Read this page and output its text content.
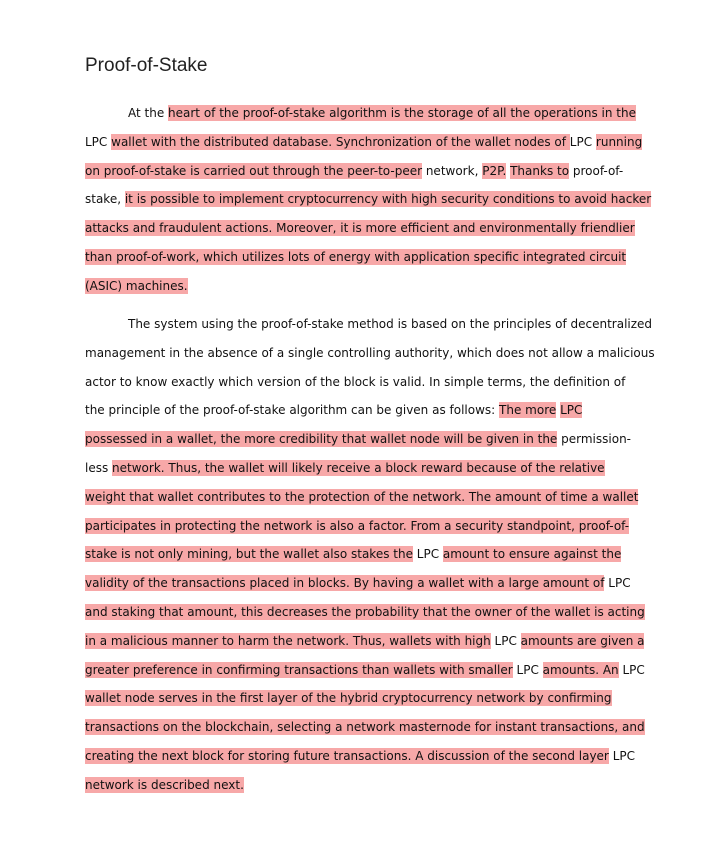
Proof-of-Stake
At the heart of the proof-of-stake algorithm is the storage of all the operations in the
LPC wallet with the distributed database. Synchronization of the wallet nodes of LPC running
on proof-of-stake is carried out through the peer-to-peer network, P2P. Thanks to proof-of-
stake, it is possible to implement cryptocurrency with high security conditions to avoid hacker
attacks and fraudulent actions. Moreover, it is more efficient and environmentally friendlier
than proof-of-work, which utilizes lots of energy with application specific integrated circuit
(ASIC) machines.
The system using the proof-of-stake method is based on the principles of decentralized
management in the absence of a single controlling authority, which does not allow a malicious
actor to know exactly which version of the block is valid. In simple terms, the definition of
the principle of the proof-of-stake algorithm can be given as follows: The more LPC
possessed in a wallet, the more credibility that wallet node will be given in the permission-
less network. Thus, the wallet will likely receive a block reward because of the relative
weight that wallet contributes to the protection of the network. The amount of time a wallet
participates in protecting the network is also a factor. From a security standpoint, proof-of-
stake is not only mining, but the wallet also stakes the LPC amount to ensure against the
validity of the transactions placed in blocks. By having a wallet with a large amount of LPC
and staking that amount, this decreases the probability that the owner of the wallet is acting
in a malicious manner to harm the network. Thus, wallets with high LPC amounts are given a
greater preference in confirming transactions than wallets with smaller LPC amounts. An LPC
wallet node serves in the first layer of the hybrid cryptocurrency network by confirming
transactions on the blockchain, selecting a network masternode for instant transactions, and
creating the next block for storing future transactions. A discussion of the second layer LPC
network is described next.
